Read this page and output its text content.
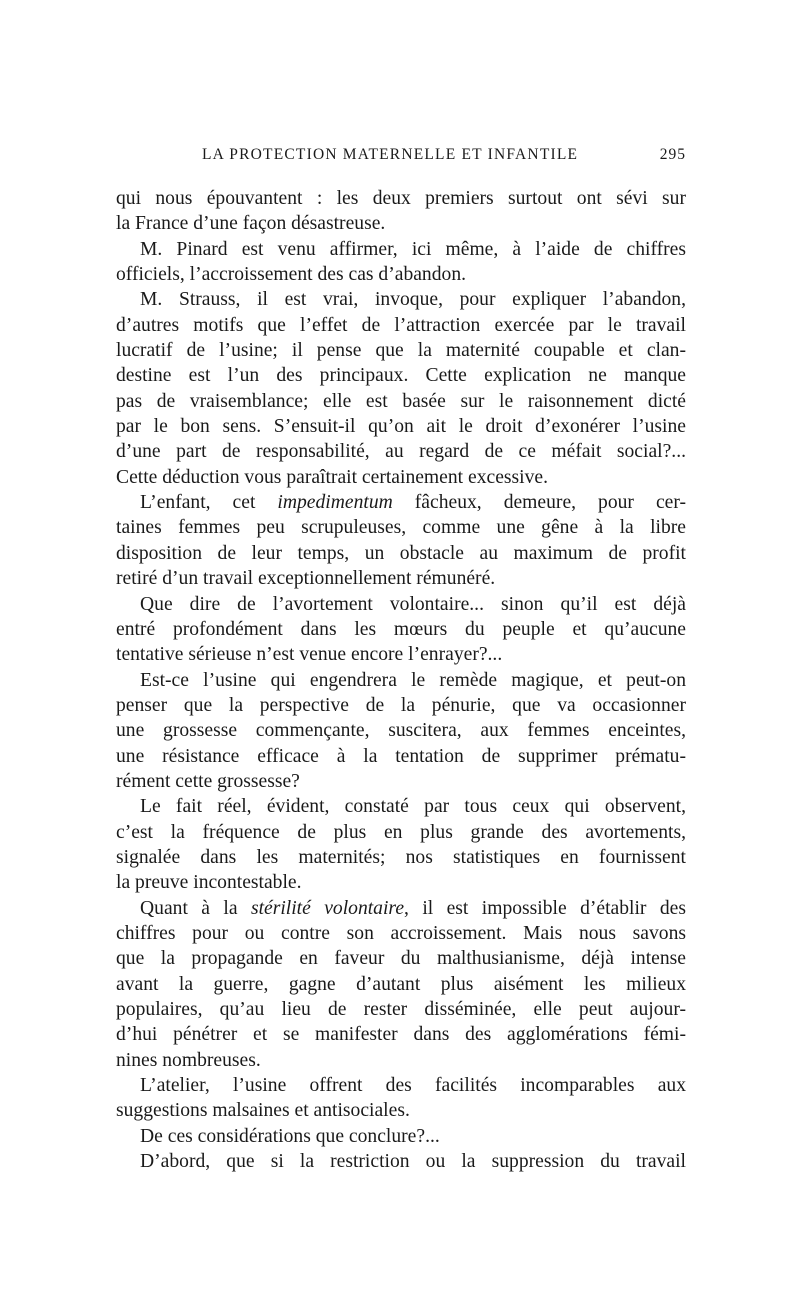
LA PROTECTION MATERNELLE ET INFANTILE	295
qui nous épouvantent : les deux premiers surtout ont sévi sur
la France d’une façon désastreuse.
M. Pinard est venu affirmer, ici même, à l’aide de chiffres
officiels, l’accroissement des cas d’abandon.
M. Strauss, il est vrai, invoque, pour expliquer l’abandon,
d’autres motifs que l’effet de l’attraction exercée par le travail
lucratif de l’usine; il pense que la maternité coupable et clan-
destine est l’un des principaux. Cette explication ne manque
pas de vraisemblance; elle est basée sur le raisonnement dicté
par le bon sens. S’ensuit-il qu’on ait le droit d’exonérer l’usine
d’une part de responsabilité, au regard de ce méfait social?...
Cette déduction vous paraîtrait certainement excessive.
L’enfant, cet impedimentum fâcheux, demeure, pour cer-
taines femmes peu scrupuleuses, comme une gêne à la libre
disposition de leur temps, un obstacle au maximum de profit
retiré d’un travail exceptionnellement rémunéré.
Que dire de l’avortement volontaire... sinon qu’il est déjà
entré profondément dans les mœurs du peuple et qu’aucune
tentative sérieuse n’est venue encore l’enrayer?...
Est-ce l’usine qui engendrera le remède magique, et peut-on
penser que la perspective de la pénurie, que va occasionner
une grossesse commençante, suscitera, aux femmes enceintes,
une résistance efficace à la tentation de supprimer prématu-
rément cette grossesse?
Le fait réel, évident, constaté par tous ceux qui observent,
c’est la fréquence de plus en plus grande des avortements,
signalée dans les maternités; nos statistiques en fournissent
la preuve incontestable.
Quant à la stérilité volontaire, il est impossible d’établir des
chiffres pour ou contre son accroissement. Mais nous savons
que la propagande en faveur du malthusianisme, déjà intense
avant la guerre, gagne d’autant plus aisément les milieux
populaires, qu’au lieu de rester disséminée, elle peut aujour-
d’hui pénétrer et se manifester dans des agglomérations fémi-
nines nombreuses.
L’atelier, l’usine offrent des facilités incomparables aux
suggestions malsaines et antisociales.
De ces considérations que conclure?...
D’abord, que si la restriction ou la suppression du travail
